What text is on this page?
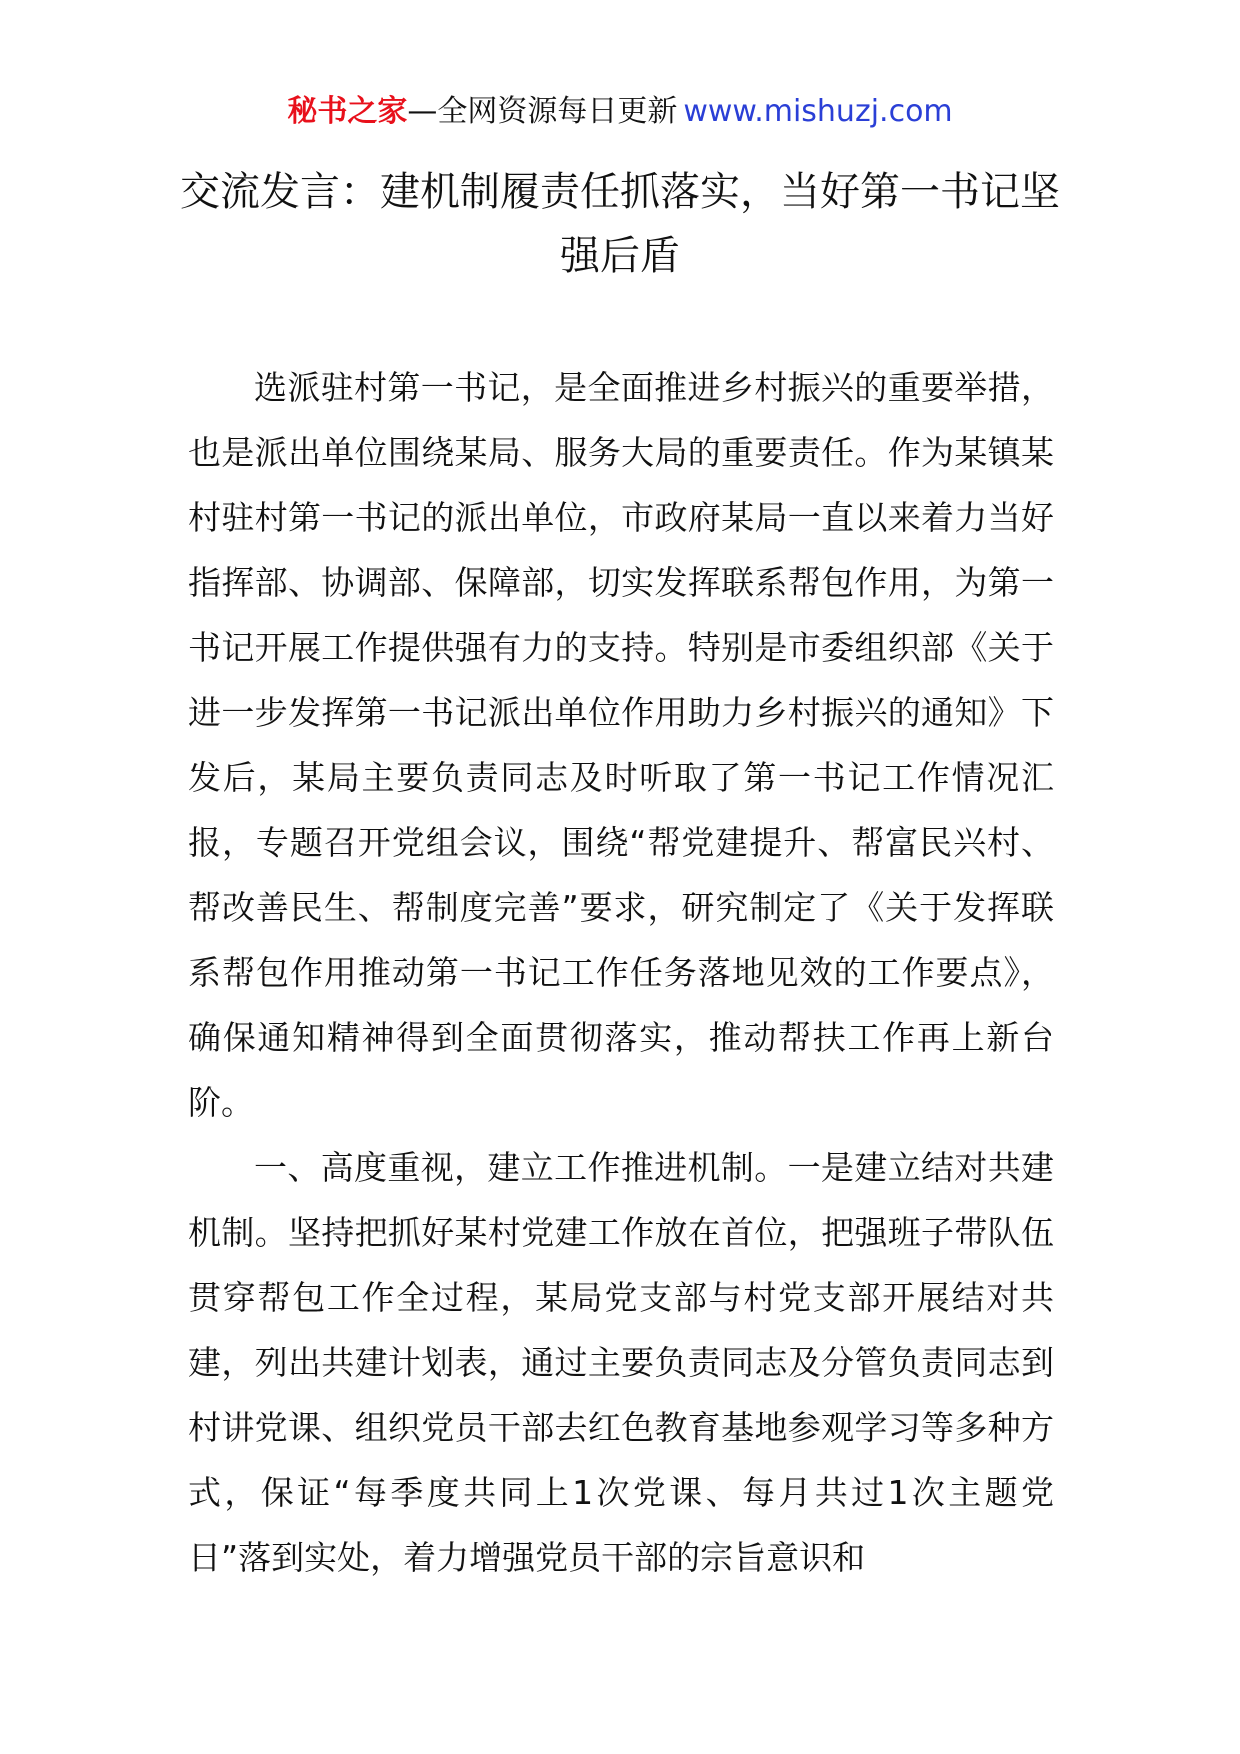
秘书之家—全网资源每日更新 www.mishuzj.com
交流发言：建机制履责任抓落实，当好第一书记坚强后盾

选派驻村第一书记，是全面推进乡村振兴的重要举措，也是派出单位围绕某局、服务大局的重要责任。作为某镇某村驻村第一书记的派出单位，市政府某局一直以来着力当好指挥部、协调部、保障部，切实发挥联系帮包作用，为第一书记开展工作提供强有力的支持。特别是市委组织部《关于进一步发挥第一书记派出单位作用助力乡村振兴的通知》下发后，某局主要负责同志及时听取了第一书记工作情况汇报，专题召开党组会议，围绕“帮党建提升、帮富民兴村、帮改善民生、帮制度完善”要求，研究制定了《关于发挥联系帮包作用推动第一书记工作任务落地见效的工作要点》，确保通知精神得到全面贯彻落实，推动帮扶工作再上新台阶。

一、高度重视，建立工作推进机制。一是建立结对共建机制。坚持把抓好某村党建工作放在首位，把强班子带队伍贯穿帮包工作全过程，某局党支部与村党支部开展结对共建，列出共建计划表，通过主要负责同志及分管负责同志到村讲党课、组织党员干部去红色教育基地参观学习等多种方式，保证“每季度共同上1次党课、每月共过1次主题党日”落到实处，着力增强党员干部的宗旨意识和
